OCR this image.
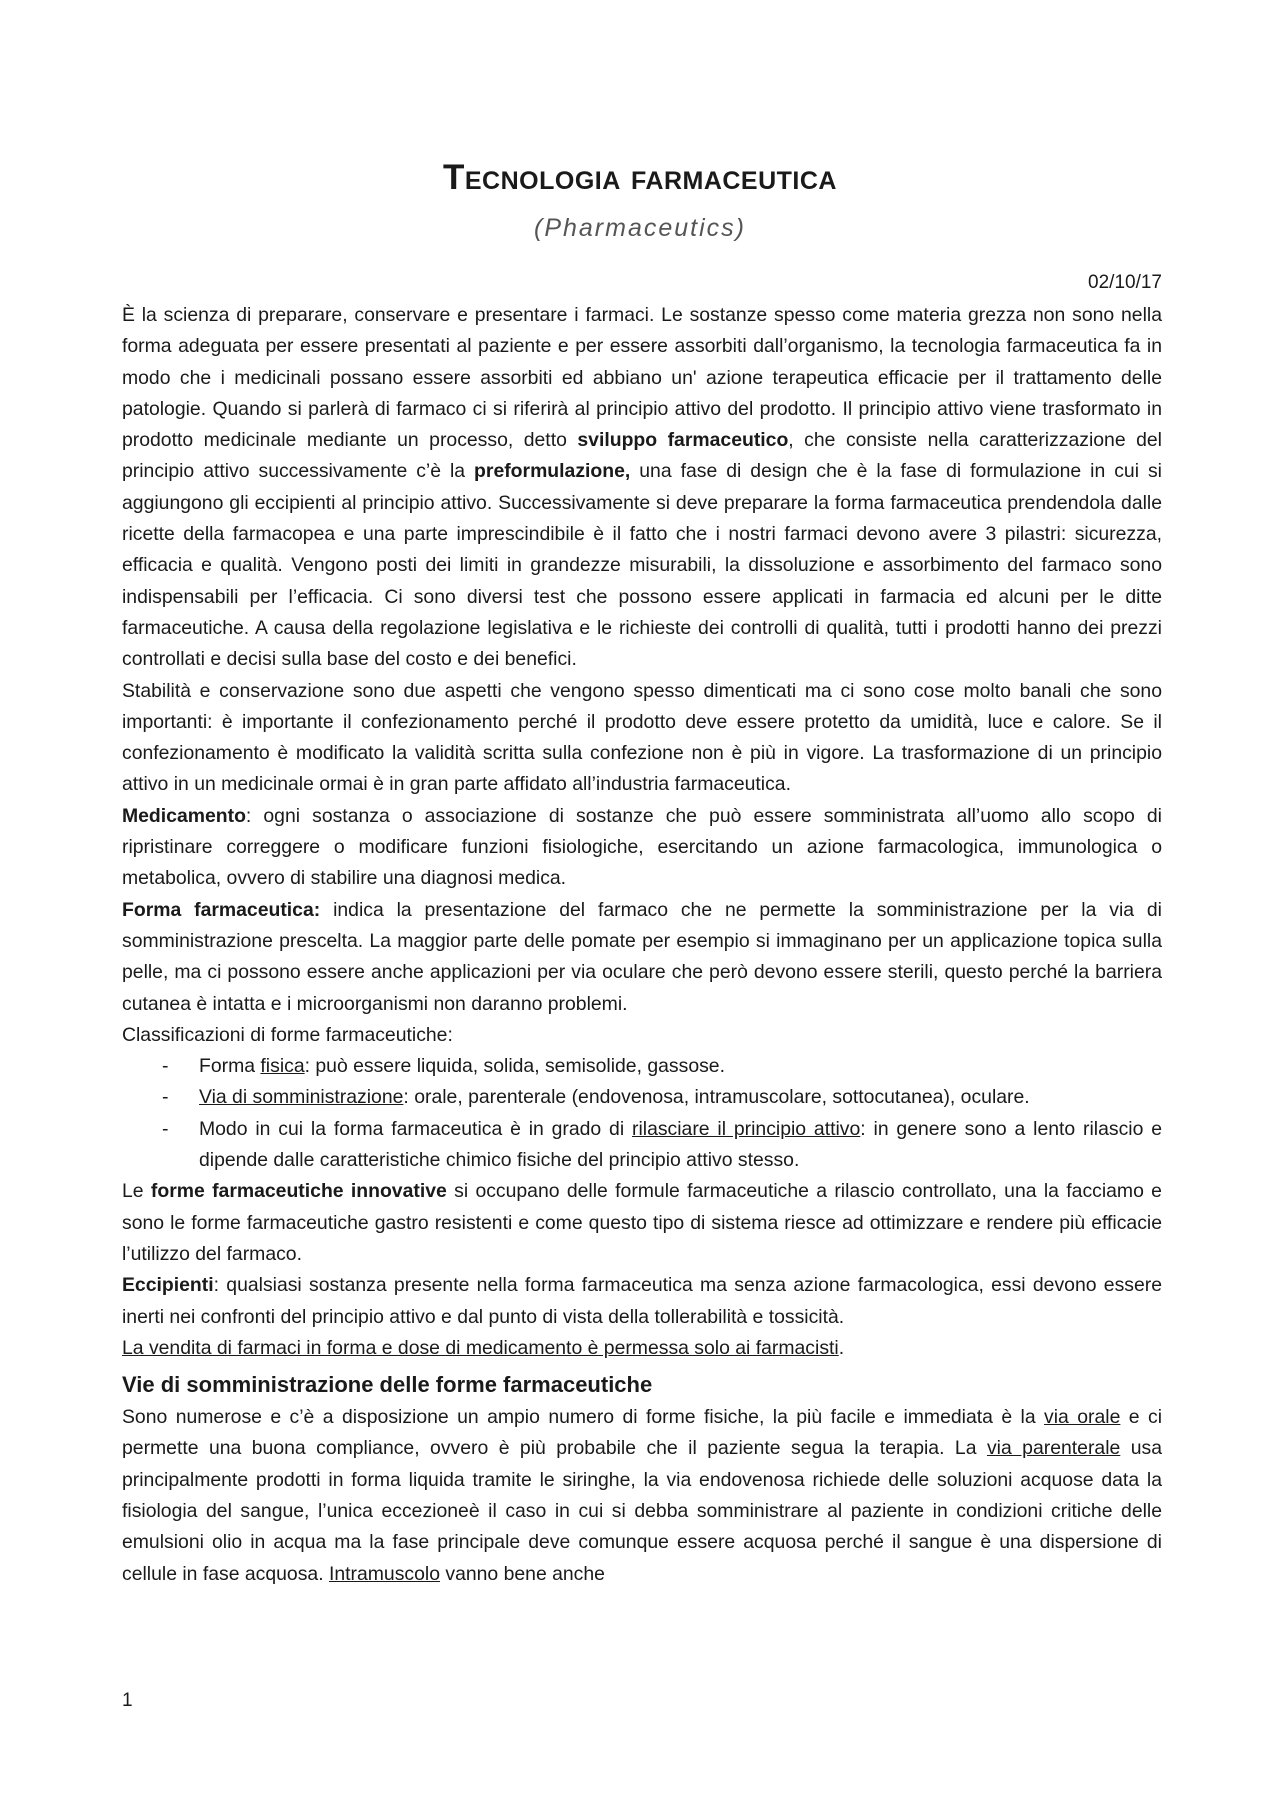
Tecnologia farmaceutica
(Pharmaceutics)
02/10/17

È la scienza di preparare, conservare e presentare i farmaci. Le sostanze spesso come materia grezza non sono nella forma adeguata per essere presentati al paziente e per essere assorbiti dall’organismo, la tecnologia farmaceutica fa in modo che i medicinali possano essere assorbiti ed abbiano un' azione terapeutica efficacie per il trattamento delle patologie. Quando si parlerà di farmaco ci si riferirà al principio attivo del prodotto. Il principio attivo viene trasformato in prodotto medicinale mediante un processo, detto sviluppo farmaceutico, che consiste nella caratterizzazione del principio attivo successivamente c’è la preformulazione, una fase di design che è la fase di formulazione in cui si aggiungono gli eccipienti al principio attivo. Successivamente si deve preparare la forma farmaceutica prendendola dalle ricette della farmacopea e una parte imprescindibile è il fatto che i nostri farmaci devono avere 3 pilastri: sicurezza, efficacia e qualità. Vengono posti dei limiti in grandezze misurabili, la dissoluzione e assorbimento del farmaco sono indispensabili per l’efficacia. Ci sono diversi test che possono essere applicati in farmacia ed alcuni per le ditte farmaceutiche. A causa della regolazione legislativa e le richieste dei controlli di qualità, tutti i prodotti hanno dei prezzi controllati e decisi sulla base del costo e dei benefici.

Stabilità e conservazione sono due aspetti che vengono spesso dimenticati ma ci sono cose molto banali che sono importanti: è importante il confezionamento perché il prodotto deve essere protetto da umidità, luce e calore. Se il confezionamento è modificato la validità scritta sulla confezione non è più in vigore. La trasformazione di un principio attivo in un medicinale ormai è in gran parte affidato all’industria farmaceutica.

Medicamento: ogni sostanza o associazione di sostanze che può essere somministrata all’uomo allo scopo di ripristinare correggere o modificare funzioni fisiologiche, esercitando un azione farmacologica, immunologica o metabolica, ovvero di stabilire una diagnosi medica.

Forma farmaceutica: indica la presentazione del farmaco che ne permette la somministrazione per la via di somministrazione prescelta. La maggior parte delle pomate per esempio si immaginano per un applicazione topica sulla pelle, ma ci possono essere anche applicazioni per via oculare che però devono essere sterili, questo perché la barriera cutanea è intatta e i microorganismi non daranno problemi.

Classificazioni di forme farmaceutiche:

- Forma fisica: può essere liquida, solida, semisolide, gassose.
- Via di somministrazione: orale, parenterale (endovenosa, intramuscolare, sottocutanea), oculare.
- Modo in cui la forma farmaceutica è in grado di rilasciare il principio attivo: in genere sono a lento rilascio e dipende dalle caratteristiche chimico fisiche del principio attivo stesso.

Le forme farmaceutiche innovative si occupano delle formule farmaceutiche a rilascio controllato, una la facciamo e sono le forme farmaceutiche gastro resistenti e come questo tipo di sistema riesce ad ottimizzare e rendere più efficacie l’utilizzo del farmaco.

Eccipienti: qualsiasi sostanza presente nella forma farmaceutica ma senza azione farmacologica, essi devono essere inerti nei confronti del principio attivo e dal punto di vista della tollerabilità e tossicità.

La vendita di farmaci in forma e dose di medicamento è permessa solo ai farmacisti.

Vie di somministrazione delle forme farmaceutiche

Sono numerose e c’è a disposizione un ampio numero di forme fisiche, la più facile e immediata è la via orale e ci permette una buona compliance, ovvero è più probabile che il paziente segua la terapia. La via parenterale usa principalmente prodotti in forma liquida tramite le siringhe, la via endovenosa richiede delle soluzioni acquose data la fisiologia del sangue, l’unica eccezioneè il caso in cui si debba somministrare al paziente in condizioni critiche delle emulsioni olio in acqua ma la fase principale deve comunque essere acquosa perché il sangue è una dispersione di cellule in fase acquosa. Intramuscolo vanno bene anche

1
